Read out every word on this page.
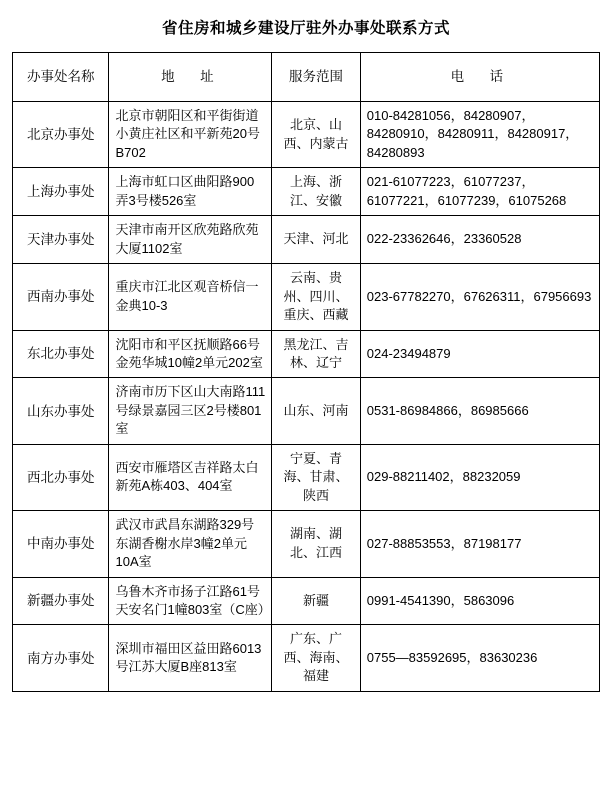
省住房和城乡建设厅驻外办事处联系方式
办事处名称	地　址	服务范围	电　话
北京办事处	北京市朝阳区和平街街道小黄庄社区和平新苑20号B702	北京、山西、内蒙古	010-84281056，84280907，84280910，84280911，84280917，84280893
上海办事处	上海市虹口区曲阳路900弄3号楼526室	上海、浙江、安徽	021-61077223，61077237，61077221，61077239，61075268
天津办事处	天津市南开区欣苑路欣苑大厦1102室	天津、河北	022-23362646，23360528
西南办事处	重庆市江北区观音桥信一金典10-3	云南、贵州、四川、重庆、西藏	023-67782270，67626311，67956693
东北办事处	沈阳市和平区抚顺路66号金苑华城10幢2单元202室	黑龙江、吉林、辽宁	024-23494879
山东办事处	济南市历下区山大南路111号绿景嘉园三区2号楼801室	山东、河南	0531-86984866，86985666
西北办事处	西安市雁塔区吉祥路太白新苑A栋403、404室	宁夏、青海、甘肃、陕西	029-88211402，88232059
中南办事处	武汉市武昌东湖路329号东湖香榭水岸3幢2单元10A室	湖南、湖北、江西	027-88853553，87198177
新疆办事处	乌鲁木齐市扬子江路61号天安名门1幢803室（C座）	新疆	0991-4541390，5863096
南方办事处	深圳市福田区益田路6013号江苏大厦B座813室	广东、广西、海南、福建	0755—83592695，83630236
